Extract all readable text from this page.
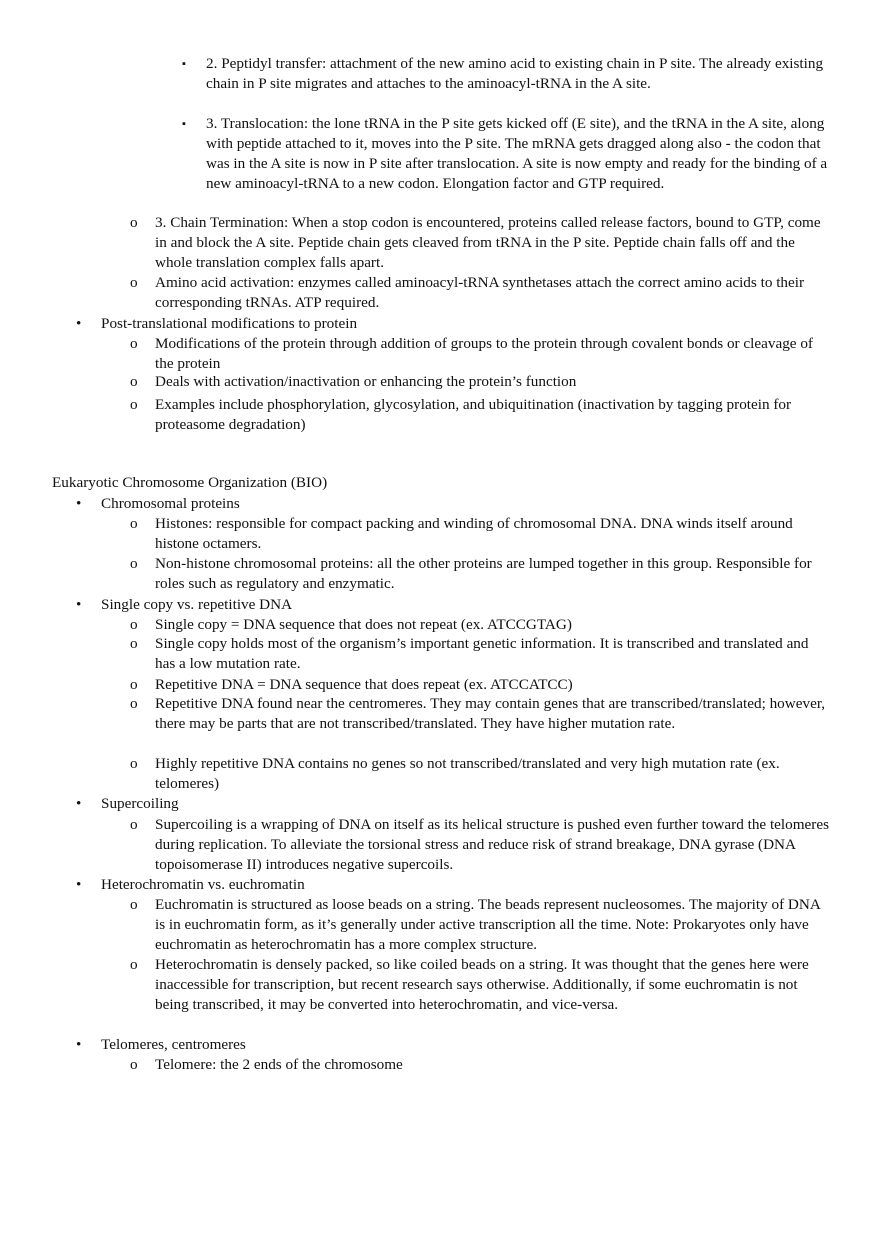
▪ 2. Peptidyl transfer: attachment of the new amino acid to existing chain in P site. The already existing chain in P site migrates and attaches to the aminoacyl-tRNA in the A site.
▪ 3. Translocation: the lone tRNA in the P site gets kicked off (E site), and the tRNA in the A site, along with peptide attached to it, moves into the P site. The mRNA gets dragged along also - the codon that was in the A site is now in P site after translocation. A site is now empty and ready for the binding of a new aminoacyl-tRNA to a new codon. Elongation factor and GTP required.
o 3. Chain Termination: When a stop codon is encountered, proteins called release factors, bound to GTP, come in and block the A site. Peptide chain gets cleaved from tRNA in the P site. Peptide chain falls off and the whole translation complex falls apart.
o Amino acid activation: enzymes called aminoacyl-tRNA synthetases attach the correct amino acids to their corresponding tRNAs. ATP required.
• Post-translational modifications to protein
o Modifications of the protein through addition of groups to the protein through covalent bonds or cleavage of the protein
o Deals with activation/inactivation or enhancing the protein’s function
o Examples include phosphorylation, glycosylation, and ubiquitination (inactivation by tagging protein for proteasome degradation)
Eukaryotic Chromosome Organization (BIO)
• Chromosomal proteins
o Histones: responsible for compact packing and winding of chromosomal DNA. DNA winds itself around histone octamers.
o Non-histone chromosomal proteins: all the other proteins are lumped together in this group. Responsible for roles such as regulatory and enzymatic.
• Single copy vs. repetitive DNA
o Single copy = DNA sequence that does not repeat (ex. ATCCGTAG)
o Single copy holds most of the organism’s important genetic information. It is transcribed and translated and has a low mutation rate.
o Repetitive DNA = DNA sequence that does repeat (ex. ATCCATCC)
o Repetitive DNA found near the centromeres. They may contain genes that are transcribed/translated; however, there may be parts that are not transcribed/translated. They have higher mutation rate.
o Highly repetitive DNA contains no genes so not transcribed/translated and very high mutation rate (ex. telomeres)
• Supercoiling
o Supercoiling is a wrapping of DNA on itself as its helical structure is pushed even further toward the telomeres during replication. To alleviate the torsional stress and reduce risk of strand breakage, DNA gyrase (DNA topoisomerase II) introduces negative supercoils.
• Heterochromatin vs. euchromatin
o Euchromatin is structured as loose beads on a string. The beads represent nucleosomes. The majority of DNA is in euchromatin form, as it’s generally under active transcription all the time. Note: Prokaryotes only have euchromatin as heterochromatin has a more complex structure.
o Heterochromatin is densely packed, so like coiled beads on a string. It was thought that the genes here were inaccessible for transcription, but recent research says otherwise. Additionally, if some euchromatin is not being transcribed, it may be converted into heterochromatin, and vice-versa.
• Telomeres, centromeres
o Telomere: the 2 ends of the chromosome
